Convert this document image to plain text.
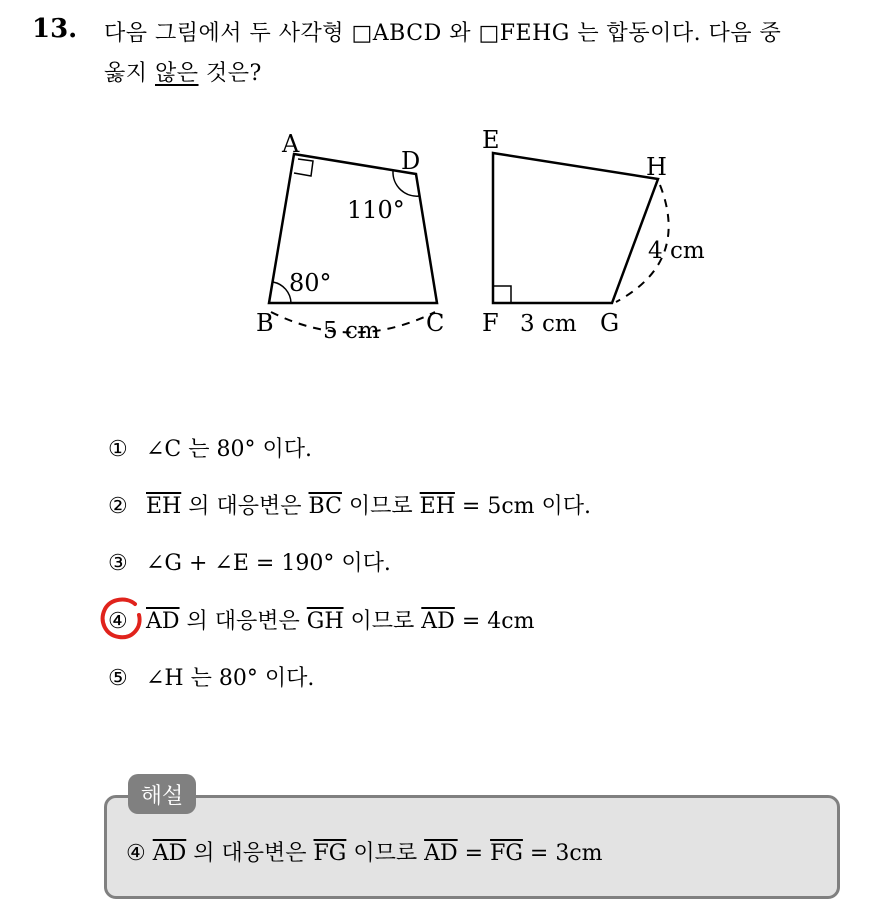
13. 다음 그림에서 두 사각형 □ABCD 와 □FEHG 는 합동이다. 다음 중
옳지 않은 것은?
A
D
B	C
110°
80°
5 cm
E
H
F	G
3 cm
4 cm
① ∠C 는 80° 이다.
② $\overline{EH}$ 의 대응변은 $\overline{BC}$ 이므로 $\overline{EH} = 5cm$ 이다.
③ ∠G + ∠E = 190° 이다.
④ $\overline{AD}$ 의 대응변은 $\overline{GH}$ 이므로 $\overline{AD} = 4cm$
⑤ ∠H 는 80° 이다.
해설
④ $\overline{AD}$ 의 대응변은 $\overline{FG}$ 이므로 $\overline{AD} = \overline{FG} = 3cm$
